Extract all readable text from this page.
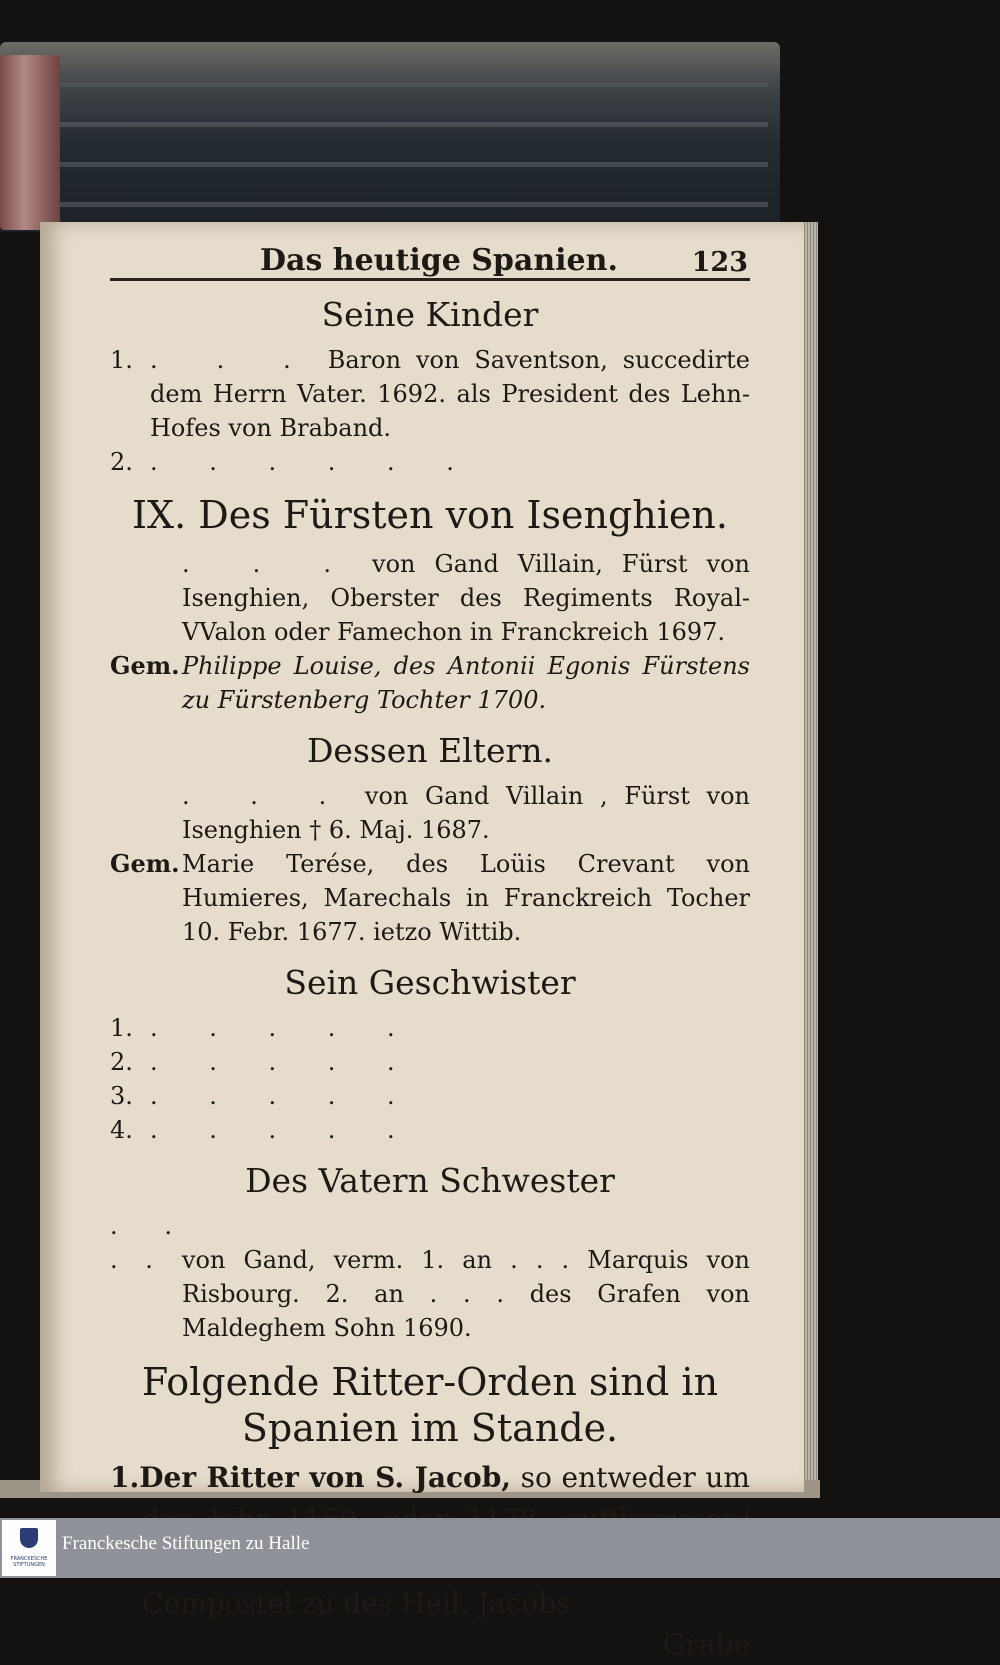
Das heutige Spanien.	123
Seine Kinder
1. . . . Baron von Saventson, succedirte dem Herrn Vater. 1692. als President des Lehn-Hofes von Braband.
2. . . . . . .
IX. Des Fürsten von Isenghien.
. . . von Gand Villain, Fürst von Isenghien, Oberster des Regiments Royal-VValon oder Famechon in Franckreich 1697.
Gem. Philippe Louise, des Antonii Egonis Fürstens zu Fürstenberg Tochter 1700.
Dessen Eltern.
. . . von Gand Villain , Fürst von Isenghien † 6. Maj. 1687.
Gem. Marie Terése, des Loüis Crevant von Humieres, Marechals in Franckreich Tocher 10. Febr. 1677. ietzo Wittib.
Sein Geschwister
1. . . . . .
2. . . . . .
3. . . . . .
4. . . . . .
Des Vatern Schwester
. . . . von Gand, verm. 1. an . . . Marquis von Risbourg. 2. an . . . des Grafen von Maldeghem Sohn 1690.
Folgende Ritter-Orden sind in Spanien im Stande.
1.Der Ritter von S. Jacob, so entweder um Compostel zu des Heil. Jacobs
Grabe
FRANCKESCHE STIFTUNGEN
Franckesche Stiftungen zu Halle
